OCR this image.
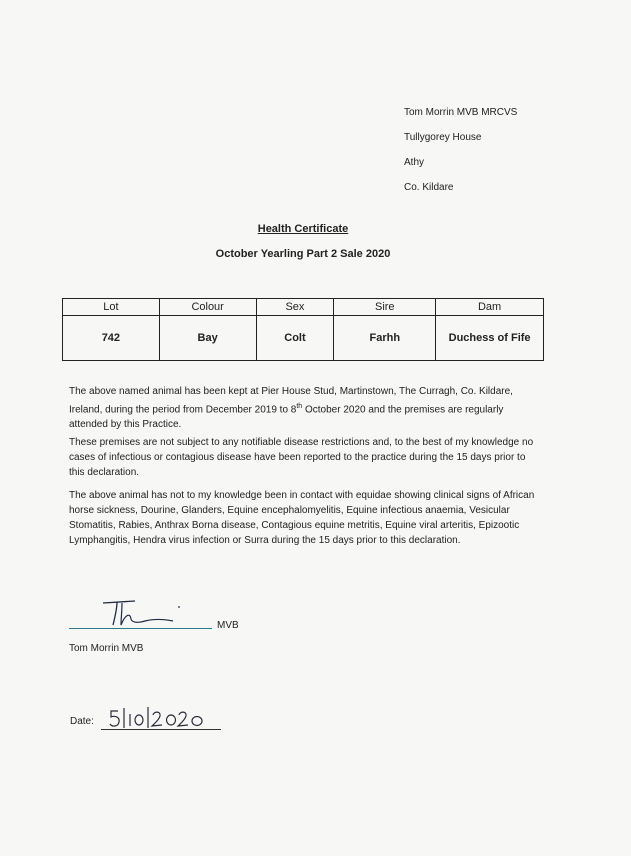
Tom Morrin MVB MRCVS
Tullygorey House
Athy
Co. Kildare
Health Certificate
October Yearling Part 2 Sale 2020
Lot	Colour	Sex	Sire	Dam
742	Bay	Colt	Farhh	Duchess of Fife

The above named animal has been kept at Pier House Stud, Martinstown, The Curragh, Co. Kildare, Ireland, during the period from December 2019 to 8th October 2020 and the premises are regularly attended by this Practice.

These premises are not subject to any notifiable disease restrictions and, to the best of my knowledge no cases of infectious or contagious disease have been reported to the practice during the 15 days prior to this declaration.

The above animal has not to my knowledge been in contact with equidae showing clinical signs of African horse sickness, Dourine, Glanders, Equine encephalomyelitis, Equine infectious anaemia, Vesicular Stomatitis, Rabies, Anthrax Borna disease, Contagious equine metritis, Equine viral arteritis, Epizootic Lymphangitis, Hendra virus infection or Surra during the 15 days prior to this declaration.

MVB
Tom Morrin MVB
Date:
